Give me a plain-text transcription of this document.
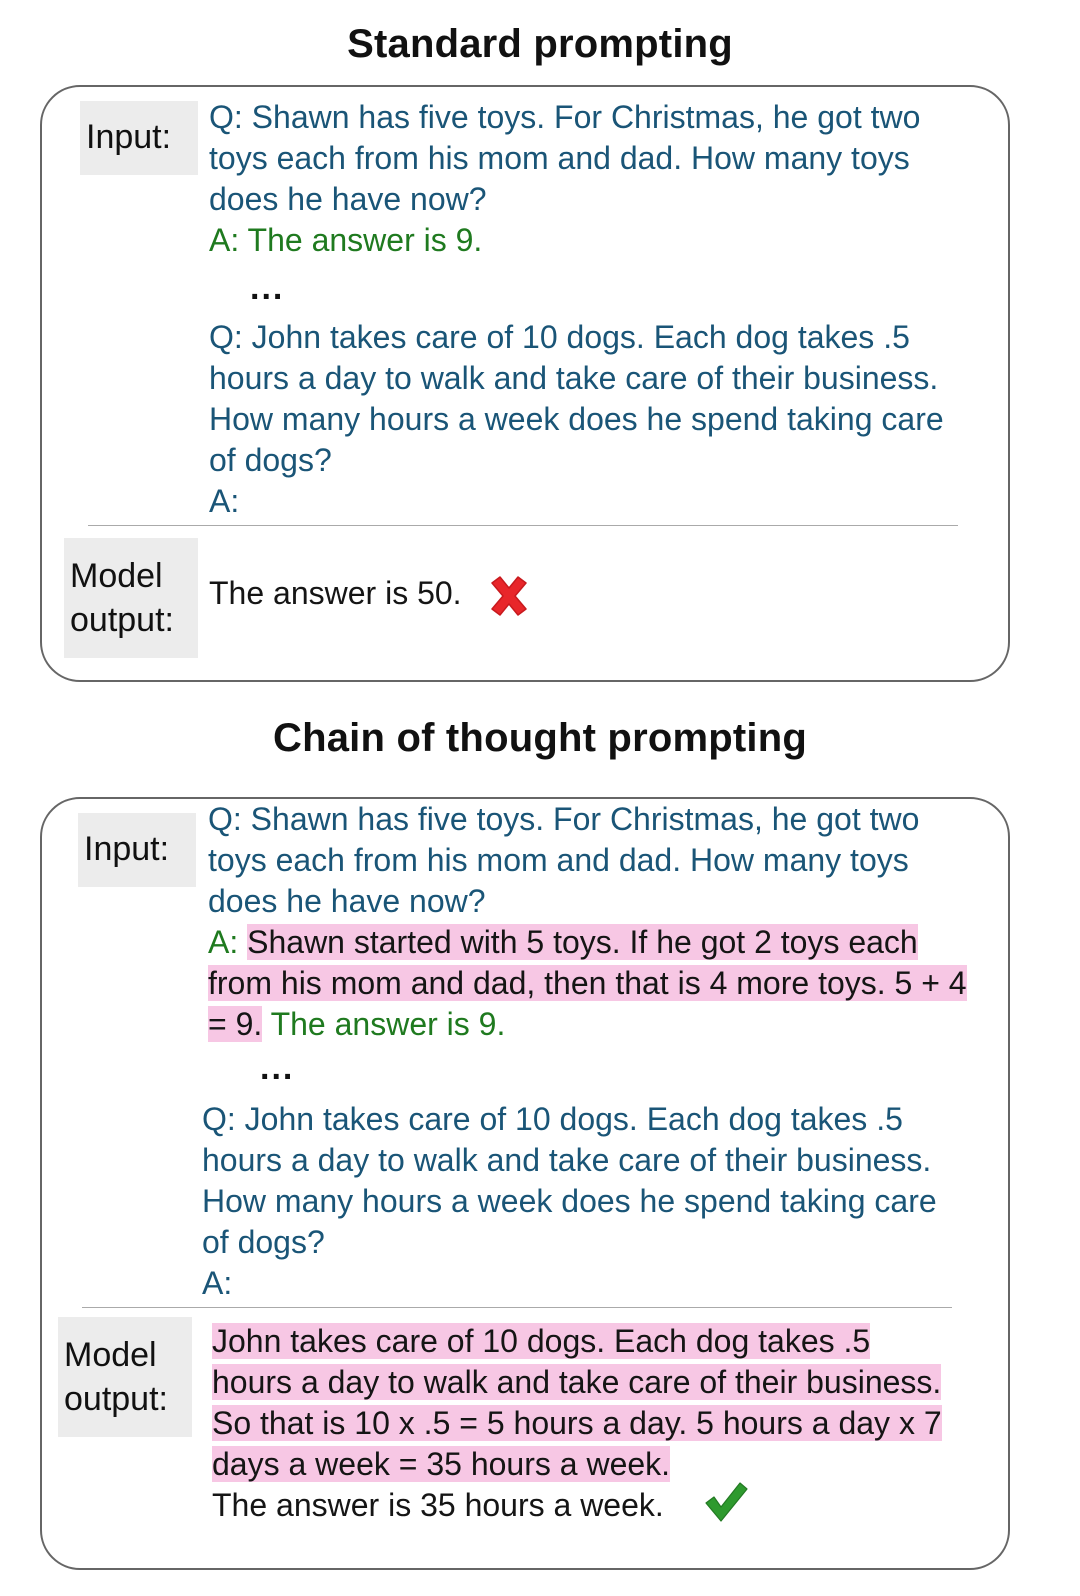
Standard prompting
Input:
Q: Shawn has five toys. For Christmas, he got two toys each from his mom and dad. How many toys does he have now?
A: The answer is 9.
...
Q: John takes care of 10 dogs. Each dog takes .5 hours a day to walk and take care of their business. How many hours a week does he spend taking care of dogs?
A:
Model
output:
The answer is 50.
Chain of thought prompting
Input:
Q: Shawn has five toys. For Christmas, he got two toys each from his mom and dad. How many toys does he have now?
A: Shawn started with 5 toys. If he got 2 toys each from his mom and dad, then that is 4 more toys. 5 + 4 = 9. The answer is 9.
...
Q: John takes care of 10 dogs. Each dog takes .5 hours a day to walk and take care of their business. How many hours a week does he spend taking care of dogs?
A:
Model
output:
John takes care of 10 dogs. Each dog takes .5 hours a day to walk and take care of their business. So that is 10 x .5 = 5 hours a day. 5 hours a day x 7 days a week = 35 hours a week.
The answer is 35 hours a week.
